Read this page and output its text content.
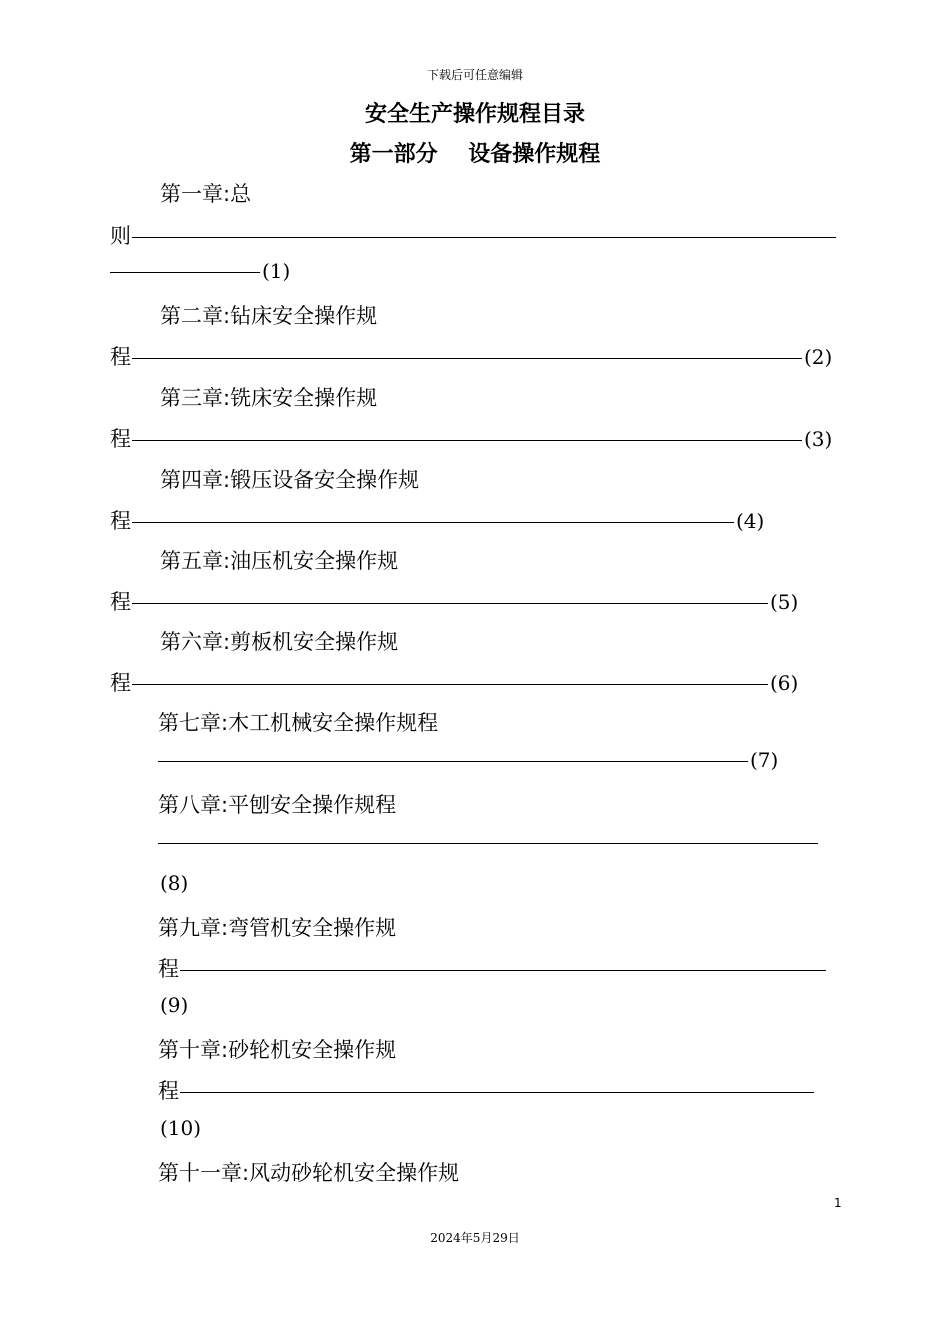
下载后可任意编辑
安全生产操作规程目录
第一部分    设备操作规程
第一章:总
则
(1)
第二章:钻床安全操作规
程	(2)
第三章:铣床安全操作规
程	(3)
第四章:锻压设备安全操作规
程	(4)
第五章:油压机安全操作规
程	(5)
第六章:剪板机安全操作规
程	(6)
第七章:木工机械安全操作规程
(7)
第八章:平刨安全操作规程
(8)
第九章:弯管机安全操作规
程
(9)
第十章:砂轮机安全操作规
程
(10)
第十一章:风动砂轮机安全操作规
1
2024年5月29日
